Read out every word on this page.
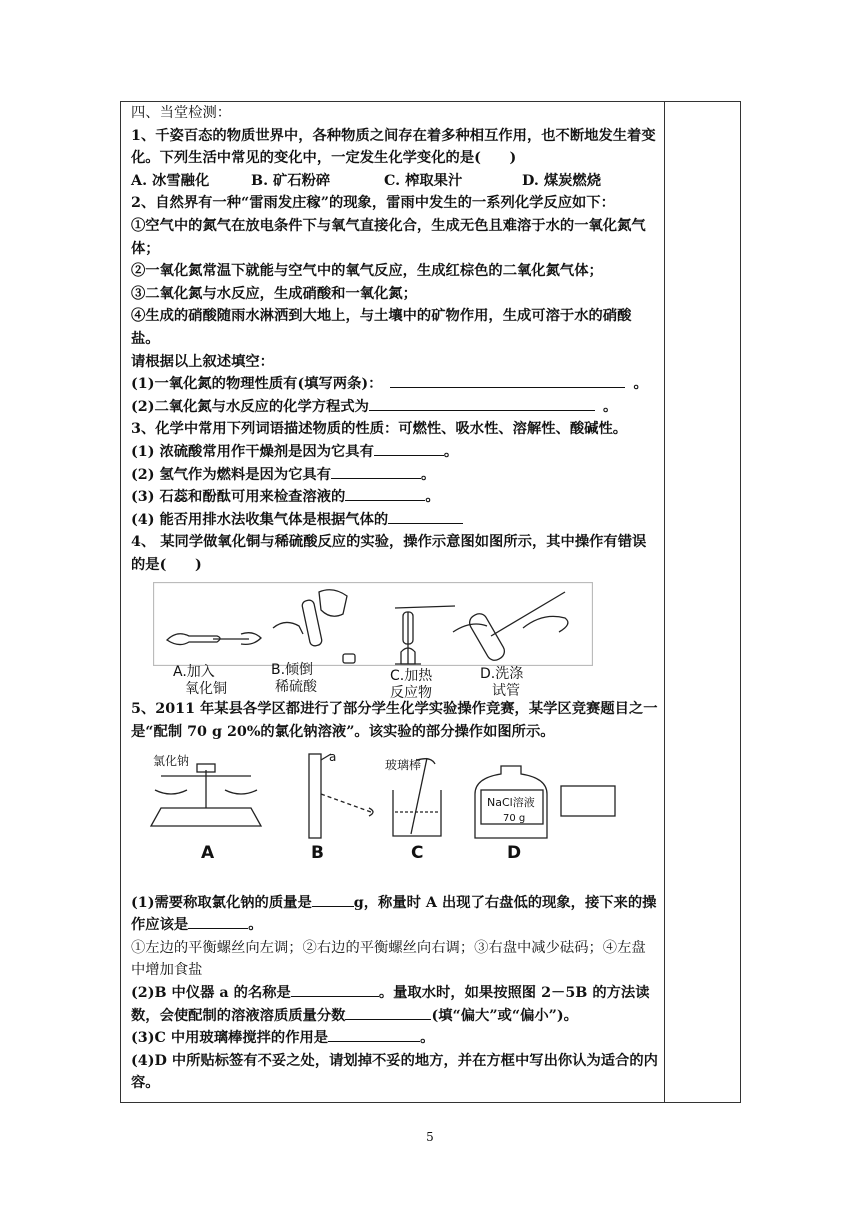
四、当堂检测：

1、千姿百态的物质世界中，各种物质之间存在着多种相互作用，也不断地发生着变化。下列生活中常见的变化中，一定发生化学变化的是(　　)

A. 冰雪融化	B. 矿石粉碎	C. 榨取果汁	D. 煤炭燃烧

2、自然界有一种“雷雨发庄稼”的现象，雷雨中发生的一系列化学反应如下：

①空气中的氮气在放电条件下与氧气直接化合，生成无色且难溶于水的一氧化氮气体；

②一氧化氮常温下就能与空气中的氧气反应，生成红棕色的二氧化氮气体；

③二氧化氮与水反应，生成硝酸和一氧化氮；

④生成的硝酸随雨水淋洒到大地上，与土壤中的矿物作用，生成可溶于水的硝酸盐。

请根据以上叙述填空：

(1)一氧化氮的物理性质有(填写两条)：	。

(2)二氧化氮与水反应的化学方程式为	。

3、化学中常用下列词语描述物质的性质：可燃性、吸水性、溶解性、酸碱性。

(1) 浓硫酸常用作干燥剂是因为它具有	。

(2) 氢气作为燃料是因为它具有	。

(3) 石蕊和酚酞可用来检查溶液的	。

(4) 能否用排水法收集气体是根据气体的

4、 某同学做氧化铜与稀硫酸反应的实验，操作示意图如图所示，其中操作有错误的是(　　)

A.加入
氧化铜
B.倾倒
稀硫酸
C.加热
反应物
D.洗涤
试管

5、2011 年某县各学区都进行了部分学生化学实验操作竞赛，某学区竞赛题目之一是“配制 70 g 20%的氯化钠溶液”。该实验的部分操作如图所示。

氯化钠	a
玻璃棒
NaCl溶液
70 g
A	B	C	D

(1)需要称取氯化钠的质量是	g，称量时 A 出现了右盘低的现象，接下来的操作应该是	。

①左边的平衡螺丝向左调；②右边的平衡螺丝向右调；③右盘中减少砝码；④左盘中增加食盐

(2)B 中仪器 a 的名称是	。量取水时，如果按照图 2－5B 的方法读数，会使配制的溶液溶质质量分数	(填“偏大”或“偏小”)。

(3)C 中用玻璃棒搅拌的作用是	。

(4)D 中所贴标签有不妥之处，请划掉不妥的地方，并在方框中写出你认为适合的内容。

5
